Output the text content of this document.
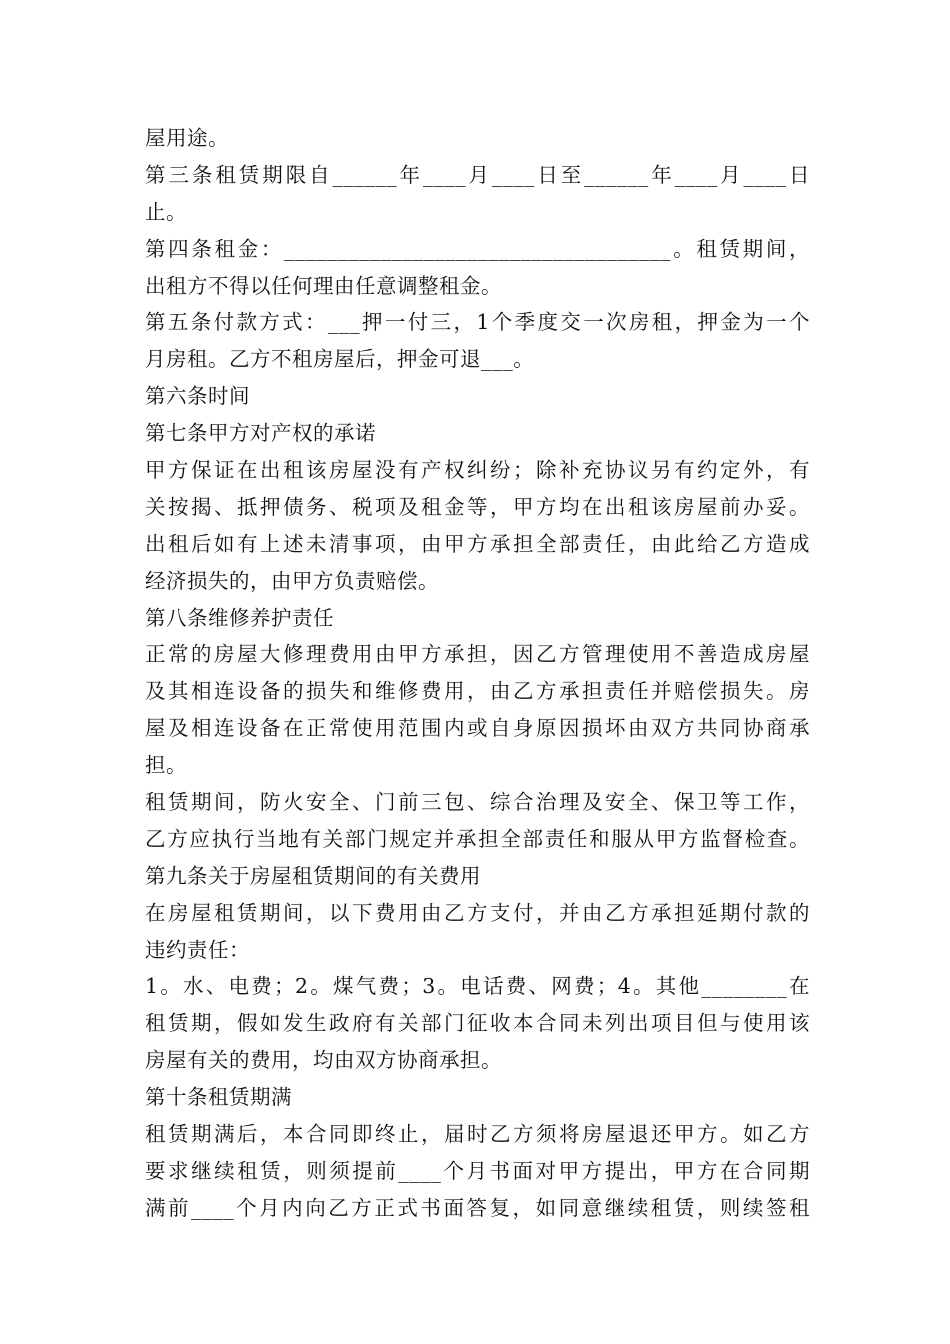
屋用途。
第三条租赁期限自______年____月____日至______年____月____日
止。
第四条租金：____________________________________。租赁期间，
出租方不得以任何理由任意调整租金。
第五条付款方式：___押一付三，1个季度交一次房租，押金为一个
月房租。乙方不租房屋后，押金可退___。
第六条时间
第七条甲方对产权的承诺
甲方保证在出租该房屋没有产权纠纷；除补充协议另有约定外，有
关按揭、抵押债务、税项及租金等，甲方均在出租该房屋前办妥。
出租后如有上述未清事项，由甲方承担全部责任，由此给乙方造成
经济损失的，由甲方负责赔偿。
第八条维修养护责任
正常的房屋大修理费用由甲方承担，因乙方管理使用不善造成房屋
及其相连设备的损失和维修费用，由乙方承担责任并赔偿损失。房
屋及相连设备在正常使用范围内或自身原因损坏由双方共同协商承
担。
租赁期间，防火安全、门前三包、综合治理及安全、保卫等工作，
乙方应执行当地有关部门规定并承担全部责任和服从甲方监督检查。
第九条关于房屋租赁期间的有关费用
在房屋租赁期间，以下费用由乙方支付，并由乙方承担延期付款的
违约责任：
1。水、电费；2。煤气费；3。电话费、网费；4。其他________在
租赁期，假如发生政府有关部门征收本合同未列出项目但与使用该
房屋有关的费用，均由双方协商承担。
第十条租赁期满
租赁期满后，本合同即终止，届时乙方须将房屋退还甲方。如乙方
要求继续租赁，则须提前____个月书面对甲方提出，甲方在合同期
满前____个月内向乙方正式书面答复，如同意继续租赁，则续签租
